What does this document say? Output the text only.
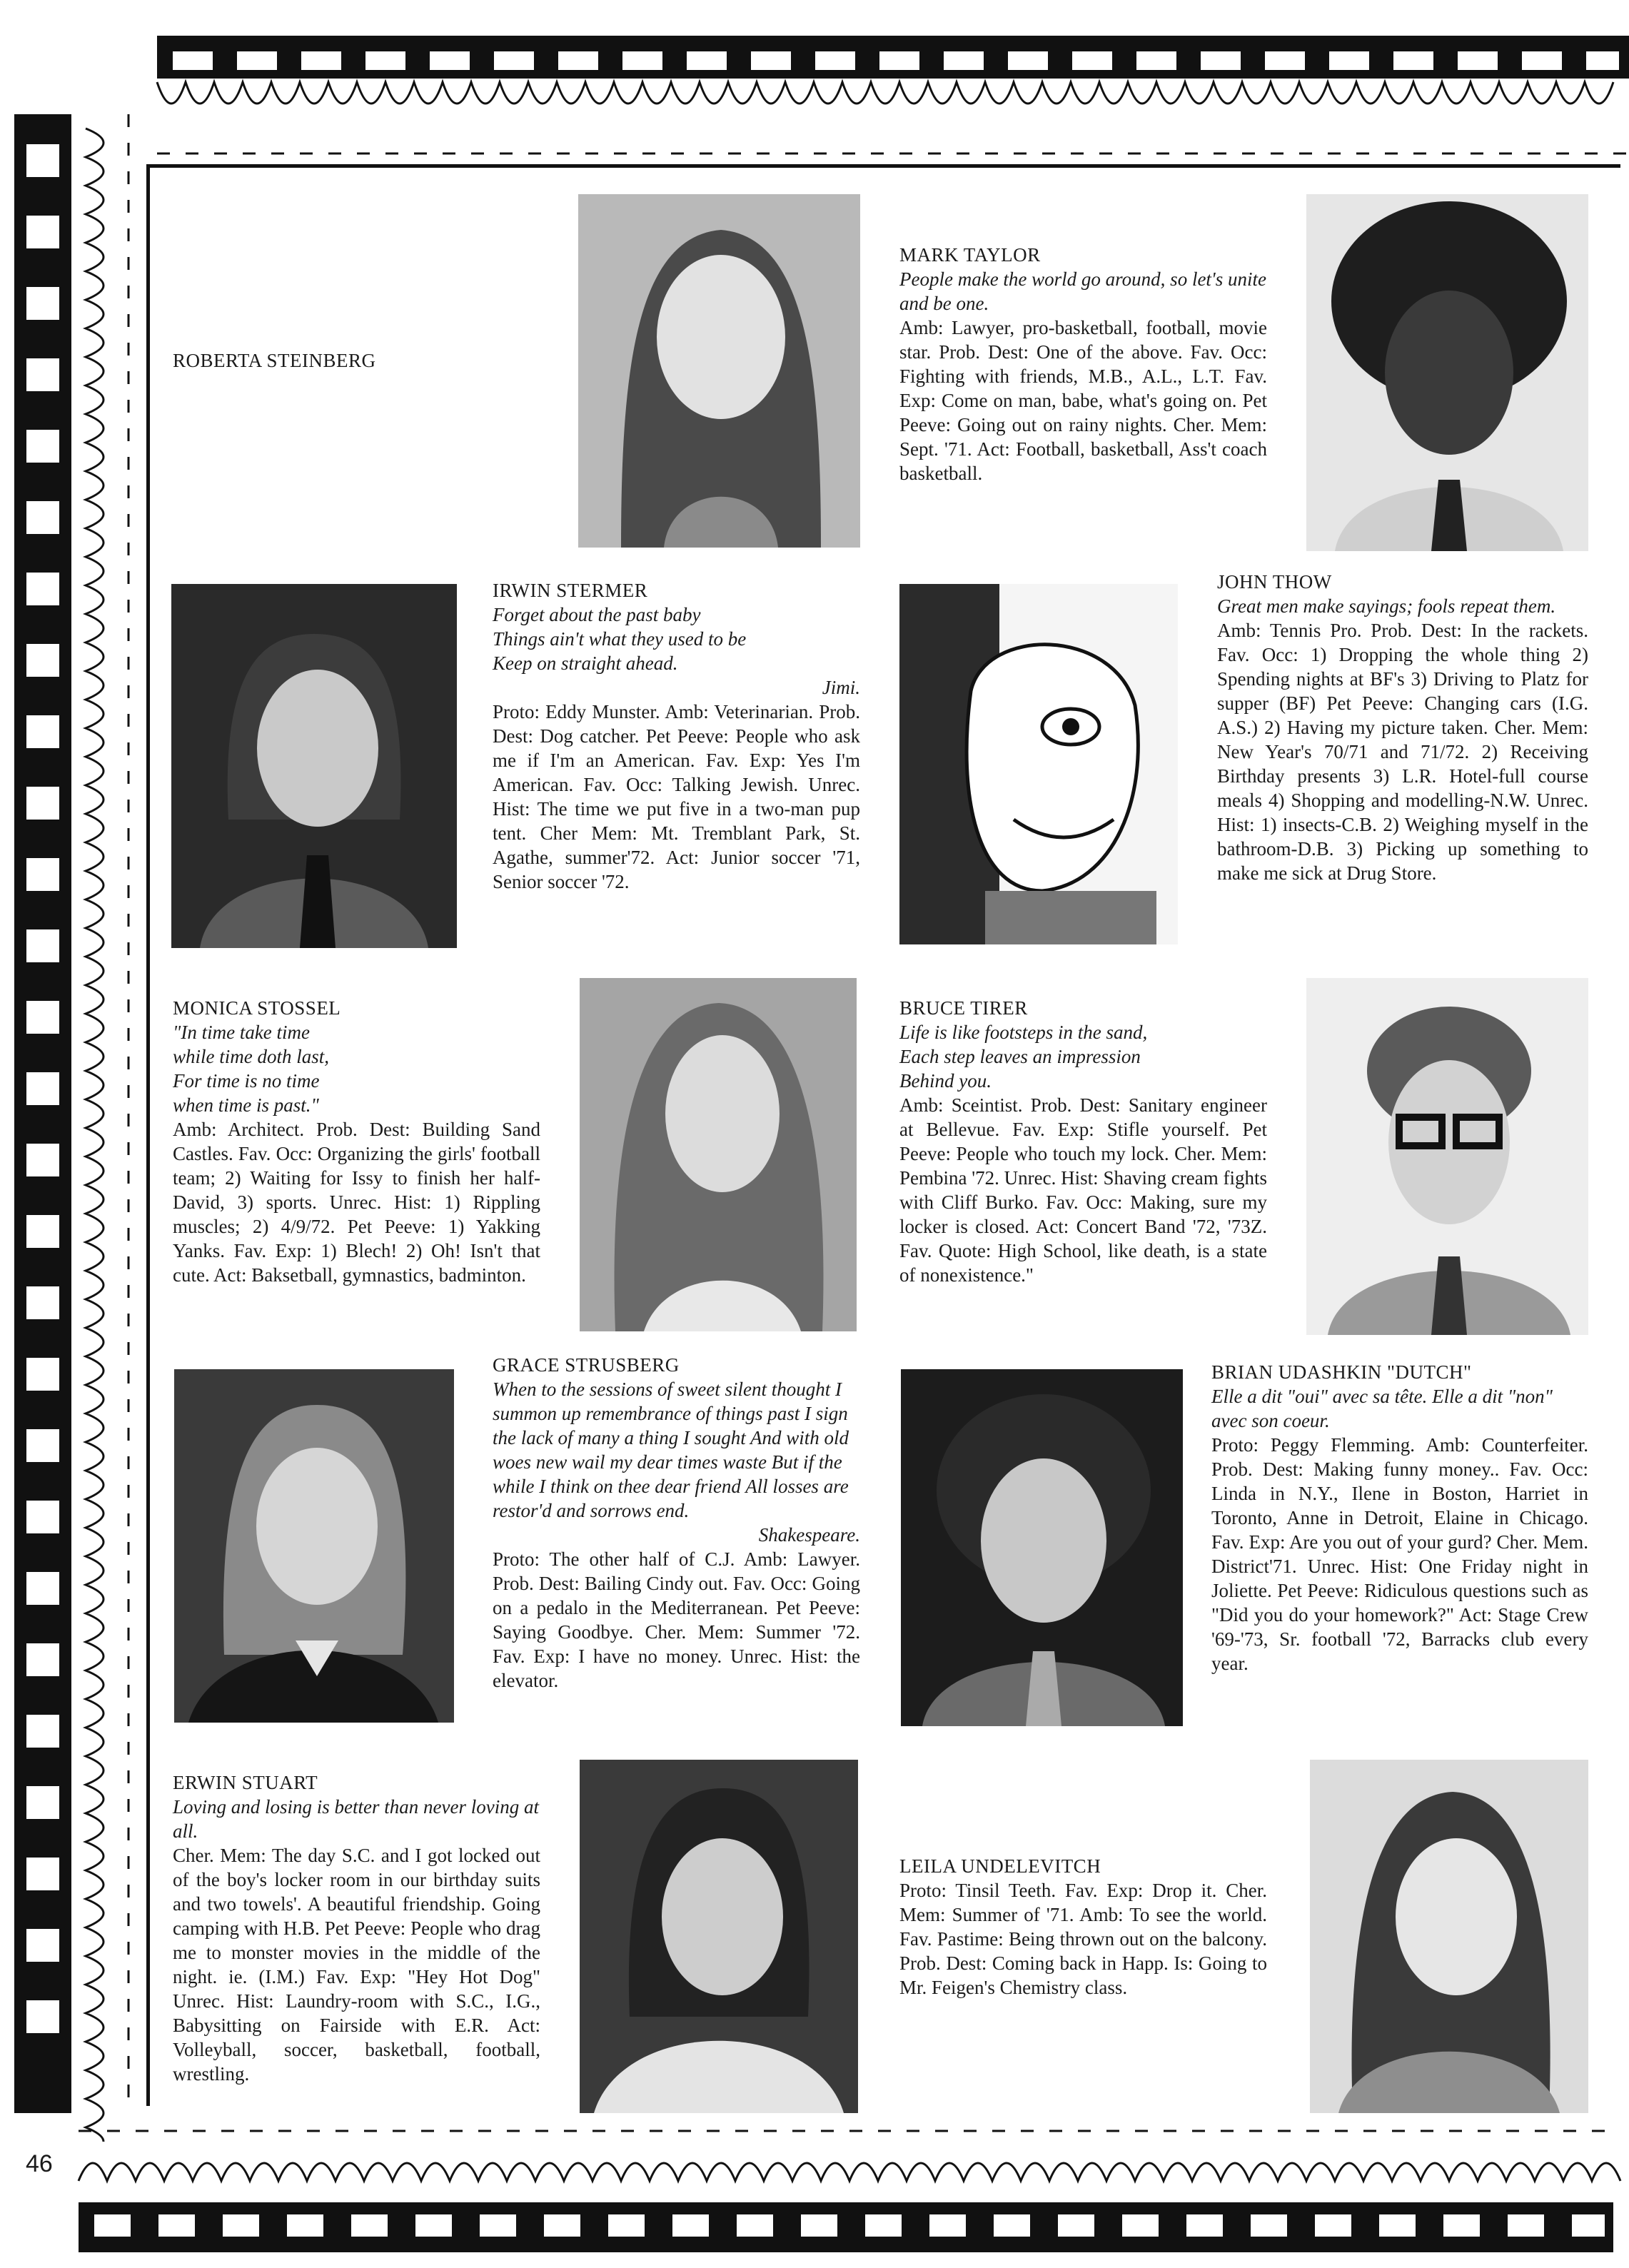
46
ROBERTA STEINBERG
MARK TAYLOR
People make the world go around, so let's unite and be one.
Amb: Lawyer, pro-basketball, football, movie star. Prob. Dest: One of the above. Fav. Occ: Fighting with friends, M.B., A.L., L.T. Fav. Exp: Come on man, babe, what's going on. Pet Peeve: Going out on rainy nights. Cher. Mem: Sept. '71. Act: Football, basketball, Ass't coach basketball.
IRWIN STERMER
Forget about the past baby
Things ain't what they used to be
Keep on straight ahead.
Jimi.
Proto: Eddy Munster. Amb: Veterinarian. Prob. Dest: Dog catcher. Pet Peeve: People who ask me if I'm an American. Fav. Exp: Yes I'm American. Fav. Occ: Talking Jewish. Unrec. Hist: The time we put five in a two-man pup tent. Cher Mem: Mt. Tremblant Park, St. Agathe, summer'72. Act: Junior soccer '71, Senior soccer '72.
JOHN THOW
Great men make sayings; fools repeat them.
Amb: Tennis Pro. Prob. Dest: In the rackets. Fav. Occ: 1) Dropping the whole thing 2) Spending nights at BF's 3) Driving to Platz for supper (BF) Pet Peeve: Changing cars (I.G. A.S.) 2) Having my picture taken. Cher. Mem: New Year's 70/71 and 71/72. 2) Receiving Birthday presents 3) L.R. Hotel-full course meals 4) Shopping and modelling-N.W. Unrec. Hist: 1) insects-C.B. 2) Weighing myself in the bathroom-D.B. 3) Picking up something to make me sick at Drug Store.
MONICA STOSSEL
"In time take time
while time doth last,
For time is no time
when time is past."
Amb: Architect. Prob. Dest: Building Sand Castles. Fav. Occ: Organizing the girls' football team; 2) Waiting for Issy to finish her half- David, 3) sports. Unrec. Hist: 1) Rippling muscles; 2) 4/9/72. Pet Peeve: 1) Yakking Yanks. Fav. Exp: 1) Blech! 2) Oh! Isn't that cute. Act: Baksetball, gymnastics, badminton.
BRUCE TIRER
Life is like footsteps in the sand,
Each step leaves an impression
Behind you.
Amb: Sceintist. Prob. Dest: Sanitary engineer at Bellevue. Fav. Exp: Stifle yourself. Pet Peeve: People who touch my lock. Cher. Mem: Pembina '72. Unrec. Hist: Shaving cream fights with Cliff Burko. Fav. Occ: Making, sure my locker is closed. Act: Concert Band '72, '73Z. Fav. Quote: High School, like death, is a state of nonexistence."
GRACE STRUSBERG
When to the sessions of sweet silent thought I summon up remembrance of things past I sign the lack of many a thing I sought And with old woes new wail my dear times waste But if the while I think on thee dear friend All losses are restor'd and sorrows end.
Shakespeare.
Proto: The other half of C.J. Amb: Lawyer. Prob. Dest: Bailing Cindy out. Fav. Occ: Going on a pedalo in the Mediterranean. Pet Peeve: Saying Goodbye. Cher. Mem: Summer '72. Fav. Exp: I have no money. Unrec. Hist: the elevator.
BRIAN UDASHKIN "DUTCH"
Elle a dit "oui" avec sa tête. Elle a dit "non" avec son coeur.
Proto: Peggy Flemming. Amb: Counterfeiter. Prob. Dest: Making funny money.. Fav. Occ: Linda in N.Y., Ilene in Boston, Harriet in Toronto, Anne in Detroit, Elaine in Chicago. Fav. Exp: Are you out of your gurd? Cher. Mem. District'71. Unrec. Hist: One Friday night in Joliette. Pet Peeve: Ridiculous questions such as "Did you do your homework?" Act: Stage Crew '69-'73, Sr. football '72, Barracks club every year.
ERWIN STUART
Loving and losing is better than never loving at all.
Cher. Mem: The day S.C. and I got locked out of the boy's locker room in our birthday suits and two towels'. A beautiful friendship. Going camping with H.B. Pet Peeve: People who drag me to monster movies in the middle of the night. ie. (I.M.) Fav. Exp: "Hey Hot Dog" Unrec. Hist: Laundry-room with S.C., I.G., Babysitting on Fairside with E.R. Act: Volleyball, soccer, basketball, football, wrestling.
LEILA UNDELEVITCH
Proto: Tinsil Teeth. Fav. Exp: Drop it. Cher. Mem: Summer of '71. Amb: To see the world. Fav. Pastime: Being thrown out on the balcony. Prob. Dest: Coming back in Happ. Is: Going to Mr. Feigen's Chemistry class.
